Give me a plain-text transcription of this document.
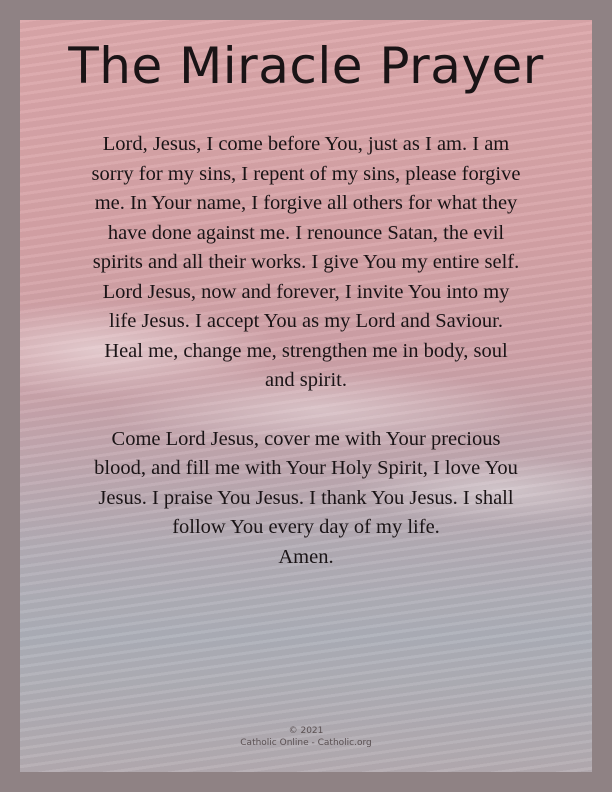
The Miracle Prayer

Lord, Jesus, I come before You, just as I am. I am sorry for my sins, I repent of my sins, please forgive me. In Your name, I forgive all others for what they have done against me. I renounce Satan, the evil spirits and all their works. I give You my entire self. Lord Jesus, now and forever, I invite You into my life Jesus. I accept You as my Lord and Saviour. Heal me, change me, strengthen me in body, soul and spirit.

Come Lord Jesus, cover me with Your precious blood, and fill me with Your Holy Spirit, I love You Jesus. I praise You Jesus. I thank You Jesus. I shall follow You every day of my life.

Amen.
© 2021
Catholic Online - Catholic.org
